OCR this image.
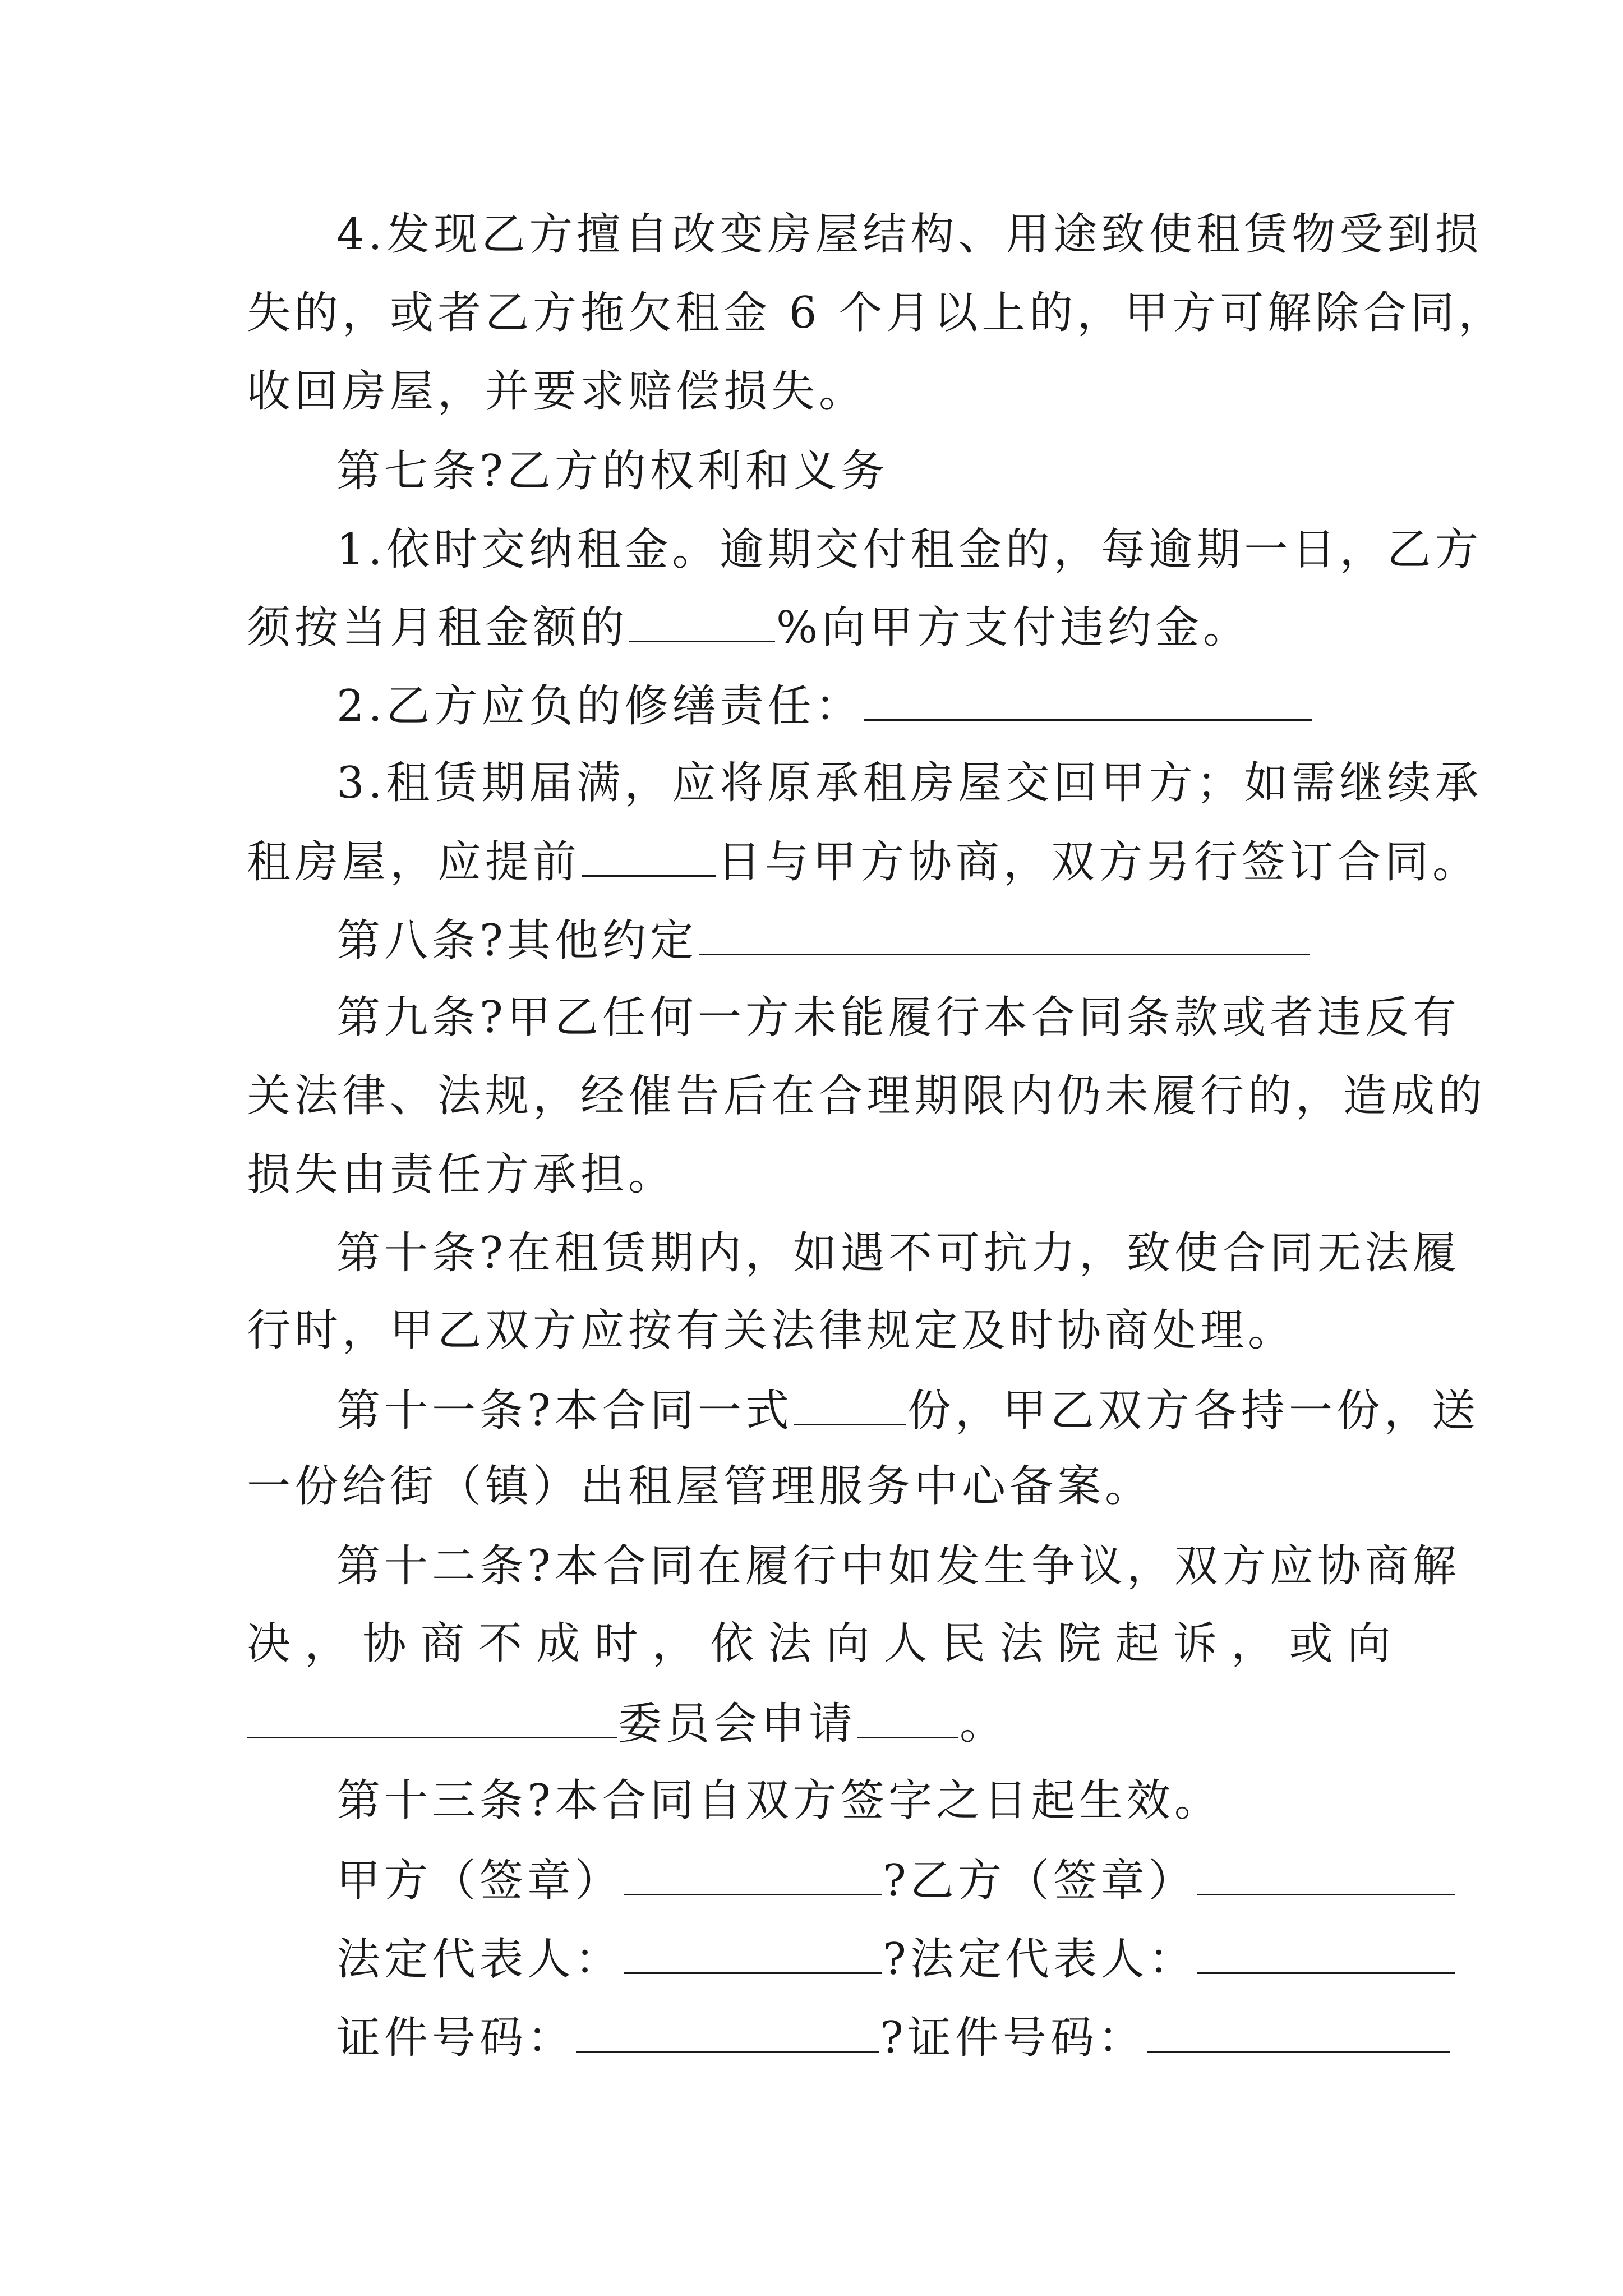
4.发现乙方擅自改变房屋结构、用途致使租赁物受到损
失的，或者乙方拖欠租金 6 个月以上的，甲方可解除合同，
收回房屋，并要求赔偿损失。
第七条?乙方的权利和义务
1.依时交纳租金。逾期交付租金的，每逾期一日，乙方
须按当月租金额的	%向甲方支付违约金。
2.乙方应负的修缮责任：
3.租赁期届满，应将原承租房屋交回甲方；如需继续承
租房屋，应提前	日与甲方协商，双方另行签订合同。
第八条?其他约定
第九条?甲乙任何一方未能履行本合同条款或者违反有
关法律、法规，经催告后在合理期限内仍未履行的，造成的
损失由责任方承担。
第十条?在租赁期内，如遇不可抗力，致使合同无法履
行时，甲乙双方应按有关法律规定及时协商处理。
第十一条?本合同一式	份，甲乙双方各持一份，送
一份给街（镇）出租屋管理服务中心备案。
第十二条?本合同在履行中如发生争议，双方应协商解
决 ， 协 商 不 成 时 ， 依 法 向 人 民 法 院 起 诉 ， 或 向
委员会申请 。
第十三条?本合同自双方签字之日起生效。
甲方（签章）	?乙方（签章）
法定代表人：	?法定代表人：
证件号码：	?证件号码：
